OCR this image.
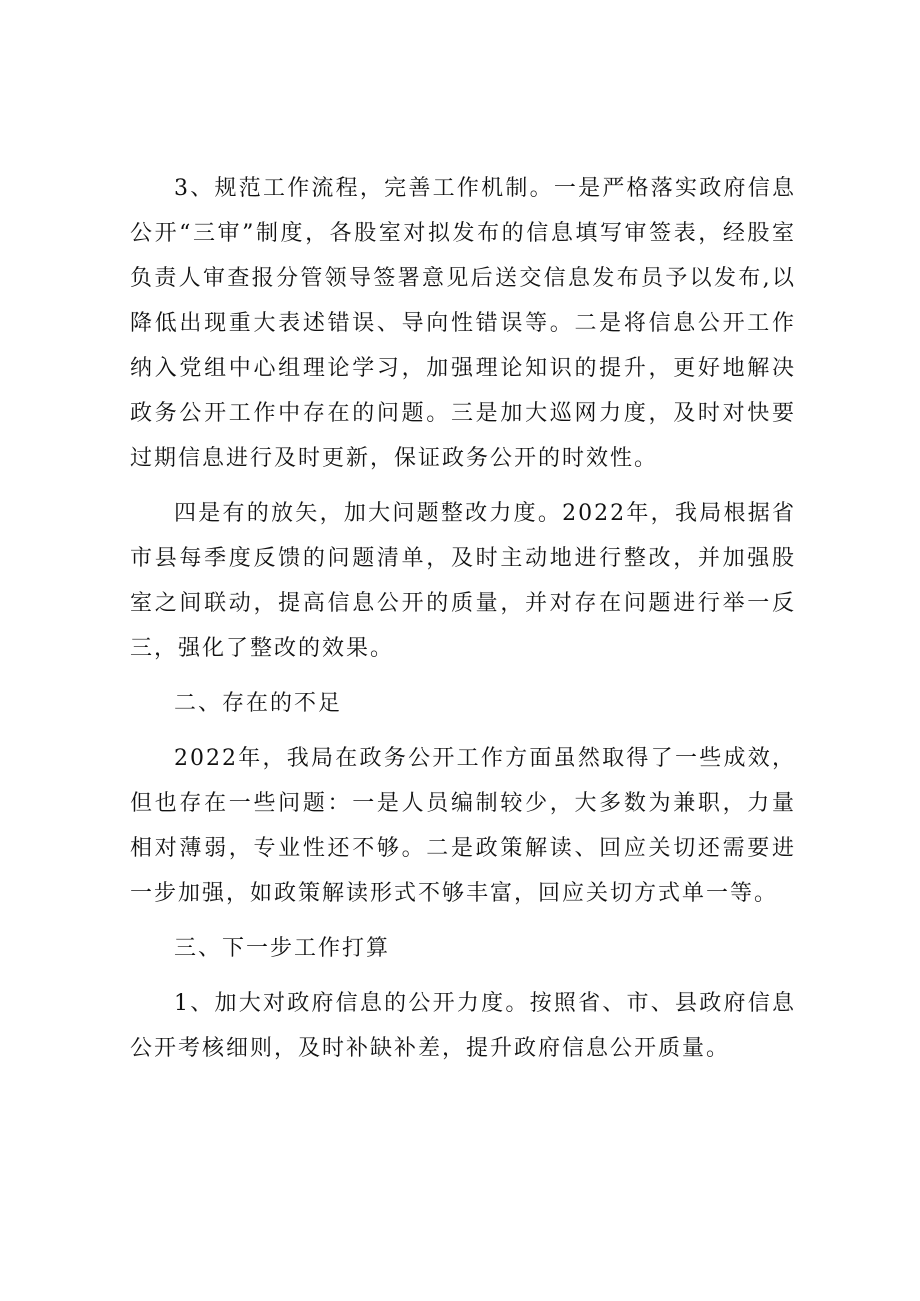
3、规范工作流程，完善工作机制。一是严格落实政府信息公开“三审”制度，各股室对拟发布的信息填写审签表，经股室负责人审查报分管领导签署意见后送交信息发布员予以发布,以降低出现重大表述错误、导向性错误等。二是将信息公开工作纳入党组中心组理论学习，加强理论知识的提升，更好地解决政务公开工作中存在的问题。三是加大巡网力度，及时对快要过期信息进行及时更新，保证政务公开的时效性。

四是有的放矢，加大问题整改力度。2022年，我局根据省市县每季度反馈的问题清单，及时主动地进行整改，并加强股室之间联动，提高信息公开的质量，并对存在问题进行举一反三，强化了整改的效果。

二、存在的不足

2022年，我局在政务公开工作方面虽然取得了一些成效，但也存在一些问题：一是人员编制较少，大多数为兼职，力量相对薄弱，专业性还不够。二是政策解读、回应关切还需要进一步加强，如政策解读形式不够丰富，回应关切方式单一等。

三、下一步工作打算

1、加大对政府信息的公开力度。按照省、市、县政府信息公开考核细则，及时补缺补差，提升政府信息公开质量。
